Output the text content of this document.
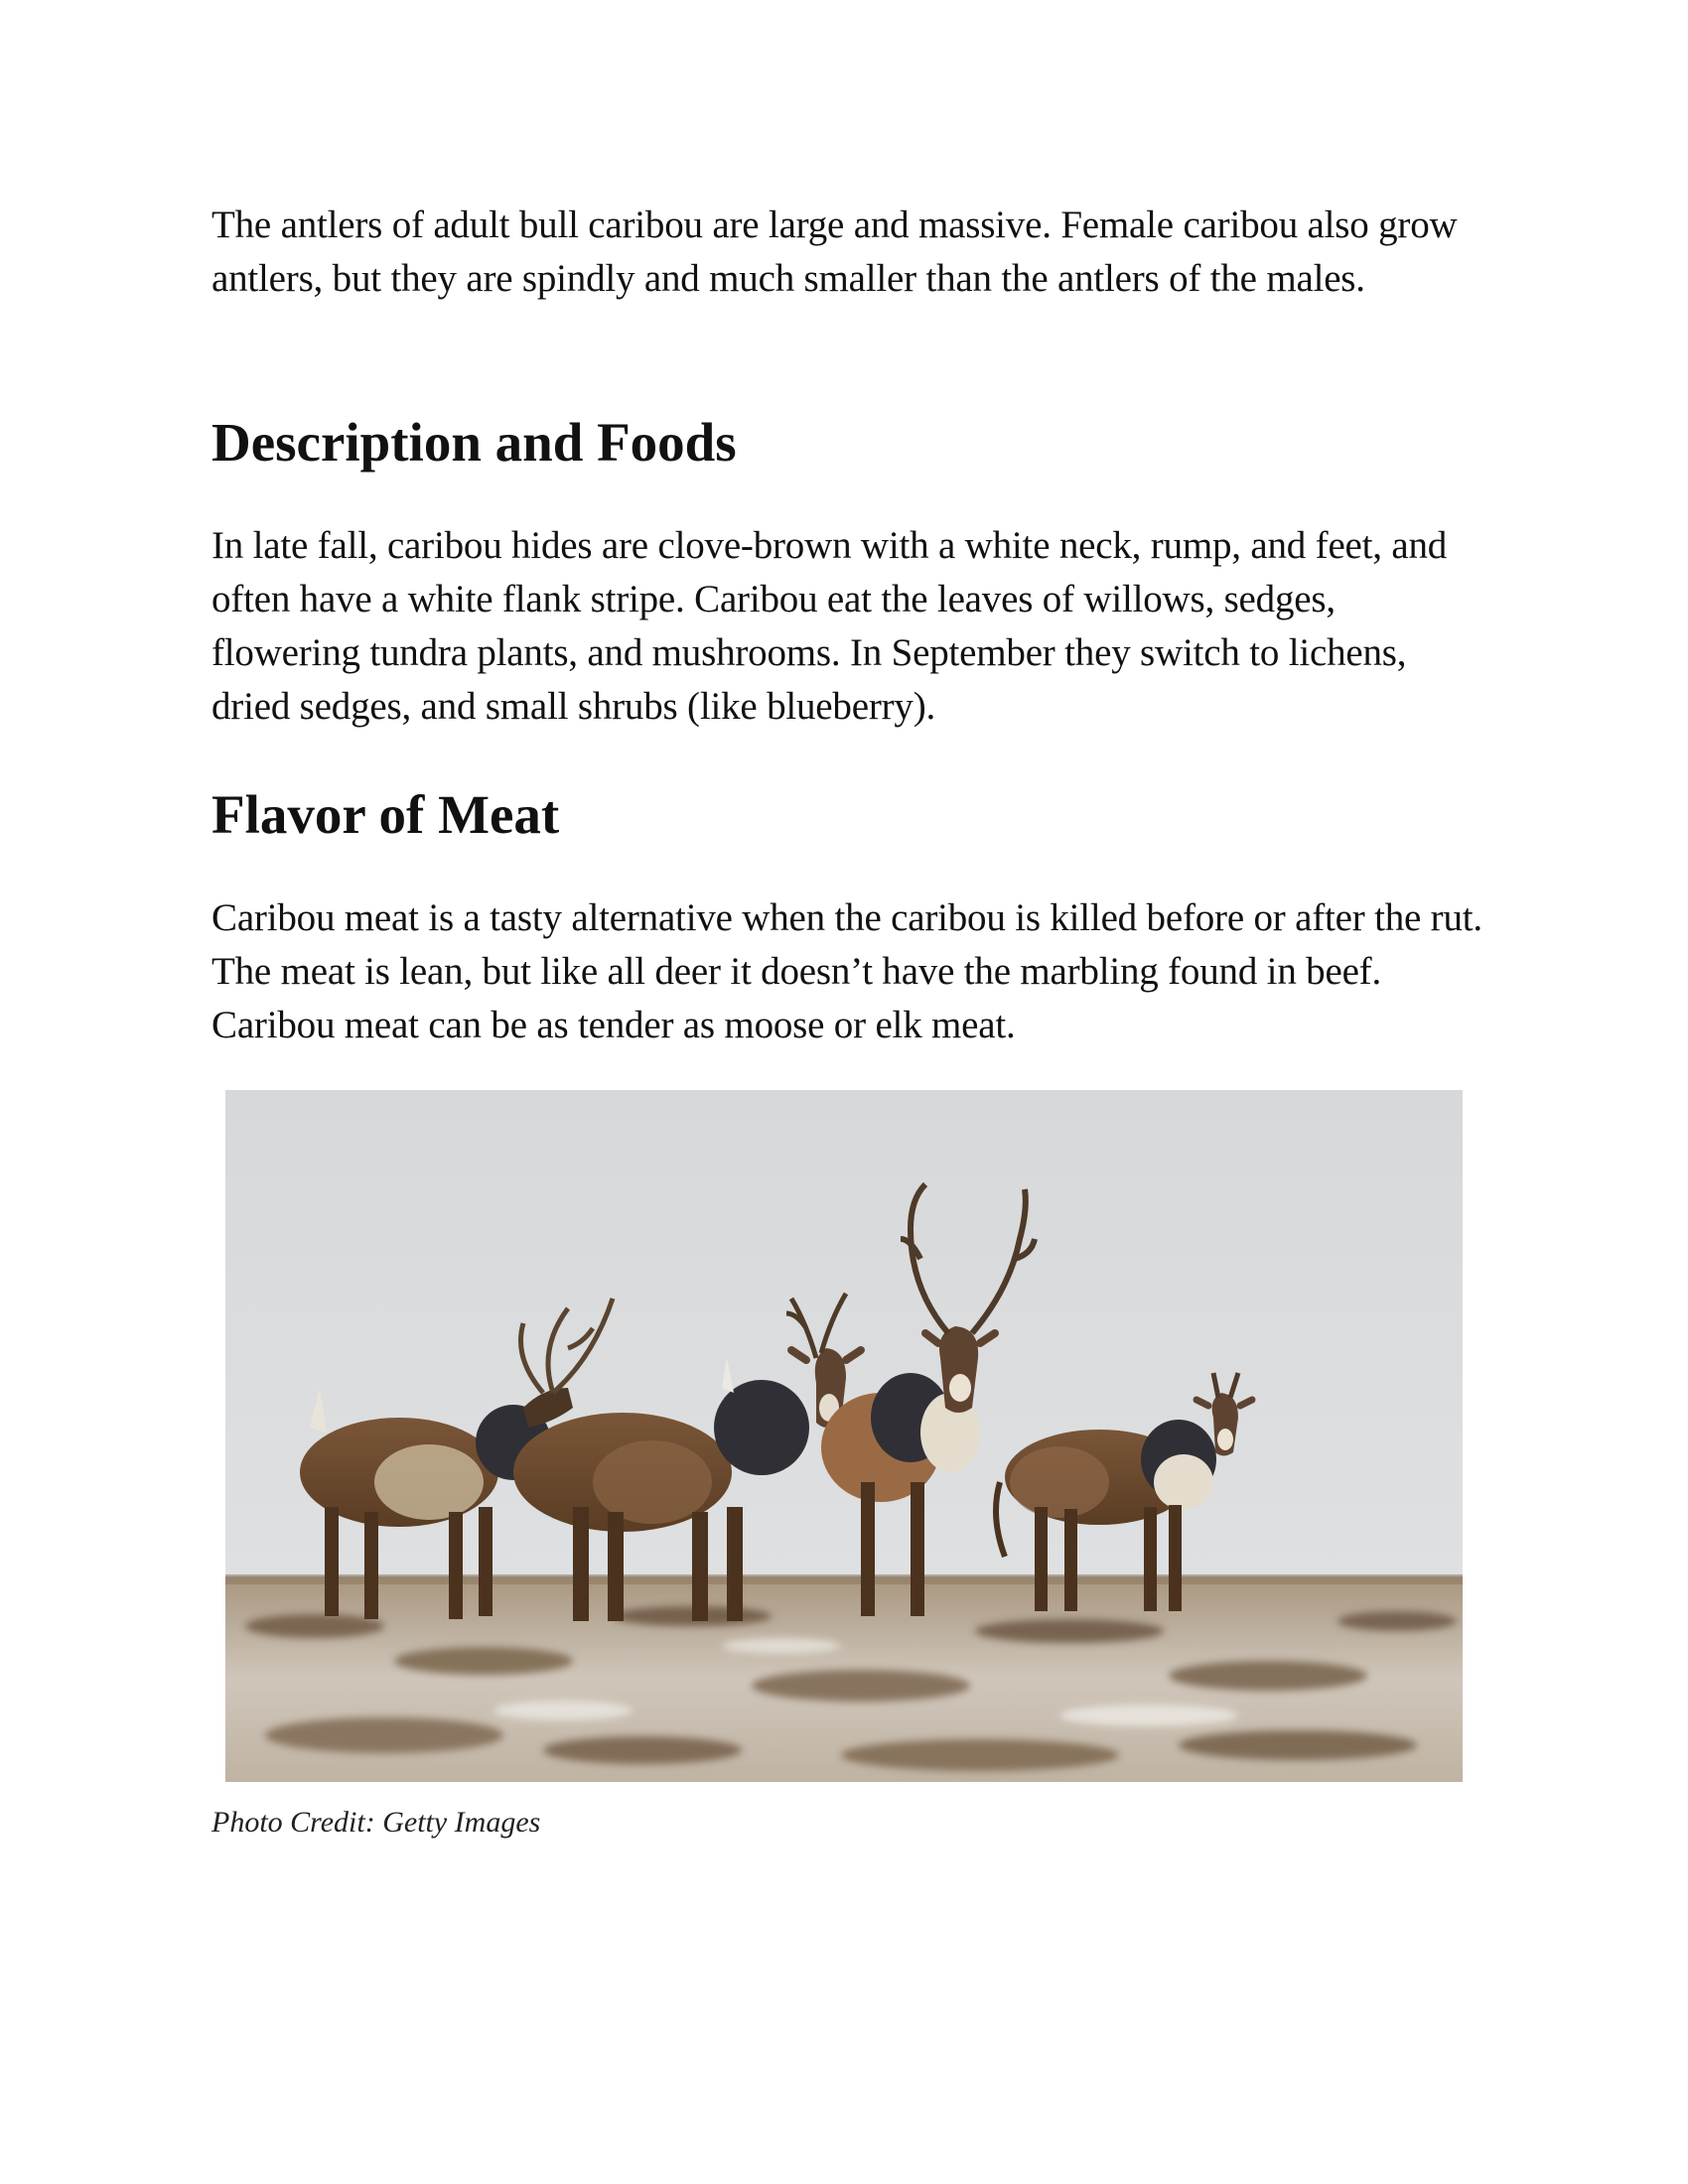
The antlers of adult bull caribou are large and massive. Female caribou also grow antlers, but they are spindly and much smaller than the antlers of the males.

Description and Foods

In late fall, caribou hides are clove-brown with a white neck, rump, and feet, and often have a white flank stripe. Caribou eat the leaves of willows, sedges, flowering tundra plants, and mushrooms. In September they switch to lichens, dried sedges, and small shrubs (like blueberry).

Flavor of Meat

Caribou meat is a tasty alternative when the caribou is killed before or after the rut. The meat is lean, but like all deer it doesn’t have the marbling found in beef. Caribou meat can be as tender as moose or elk meat.

Photo Credit: Getty Images
